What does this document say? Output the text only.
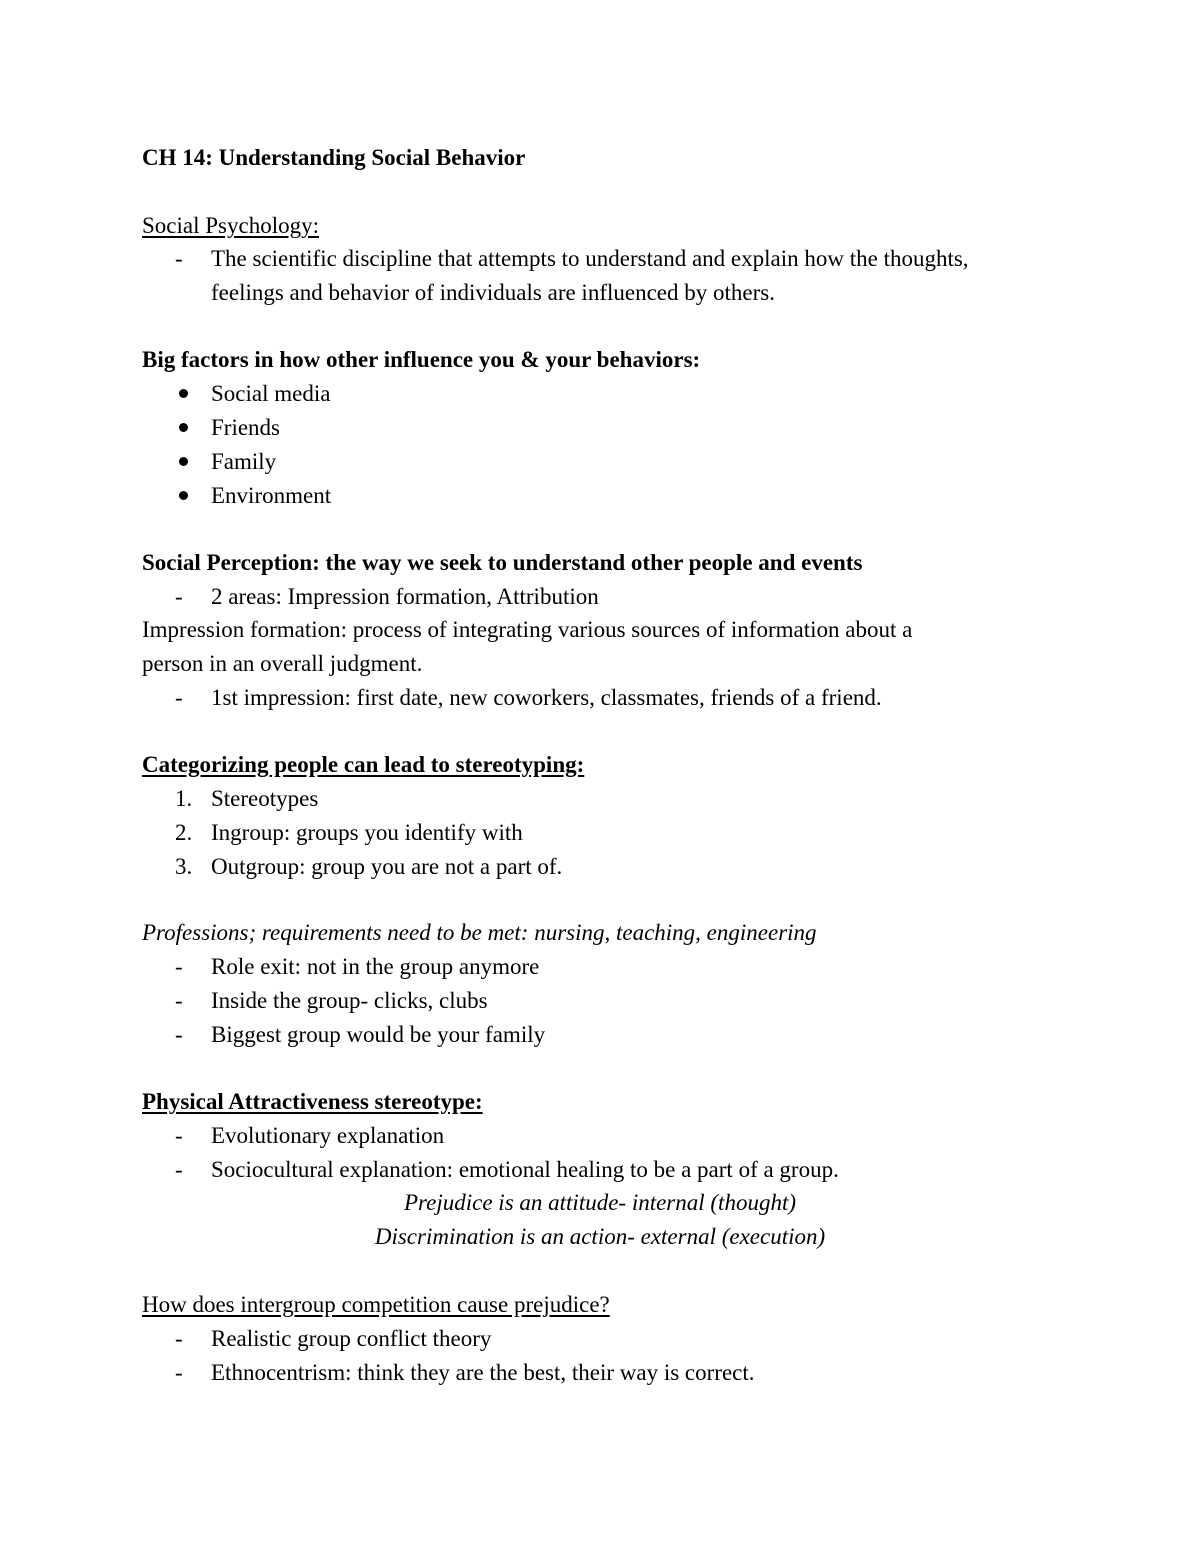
CH 14: Understanding Social Behavior
Social Psychology:
- The scientific discipline that attempts to understand and explain how the thoughts,
feelings and behavior of individuals are influenced by others.
Big factors in how other influence you & your behaviors:
Social media
Friends
Family
Environment
Social Perception: the way we seek to understand other people and events
- 2 areas: Impression formation, Attribution
Impression formation: process of integrating various sources of information about a
person in an overall judgment.
- 1st impression: first date, new coworkers, classmates, friends of a friend.
Categorizing people can lead to stereotyping:
1. Stereotypes
2. Ingroup: groups you identify with
3. Outgroup: group you are not a part of.
Professions; requirements need to be met: nursing, teaching, engineering
- Role exit: not in the group anymore
- Inside the group- clicks, clubs
- Biggest group would be your family
Physical Attractiveness stereotype:
- Evolutionary explanation
- Sociocultural explanation: emotional healing to be a part of a group.
Prejudice is an attitude- internal (thought)
Discrimination is an action- external (execution)
How does intergroup competition cause prejudice?
- Realistic group conflict theory
- Ethnocentrism: think they are the best, their way is correct.
